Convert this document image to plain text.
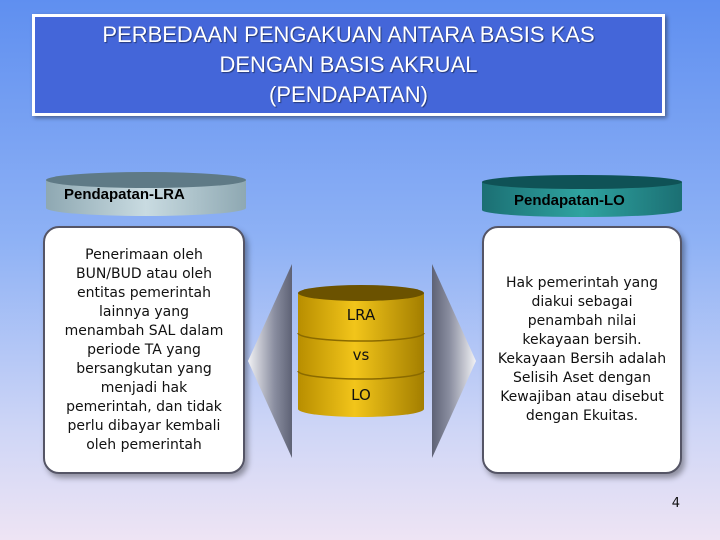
PERBEDAAN PENGAKUAN ANTARA BASIS KAS
DENGAN BASIS AKRUAL
(PENDAPATAN)
Pendapatan-LRA	Pendapatan-LO
Penerimaan oleh BUN/BUD atau oleh entitas pemerintah lainnya yang menambah SAL dalam periode TA yang bersangkutan yang menjadi hak pemerintah, dan tidak perlu dibayar kembali oleh pemerintah
Hak pemerintah yang diakui sebagai penambah nilai kekayaan bersih. Kekayaan Bersih adalah Selisih Aset dengan Kewajiban atau disebut dengan Ekuitas.
LRA
vs
LO
4
